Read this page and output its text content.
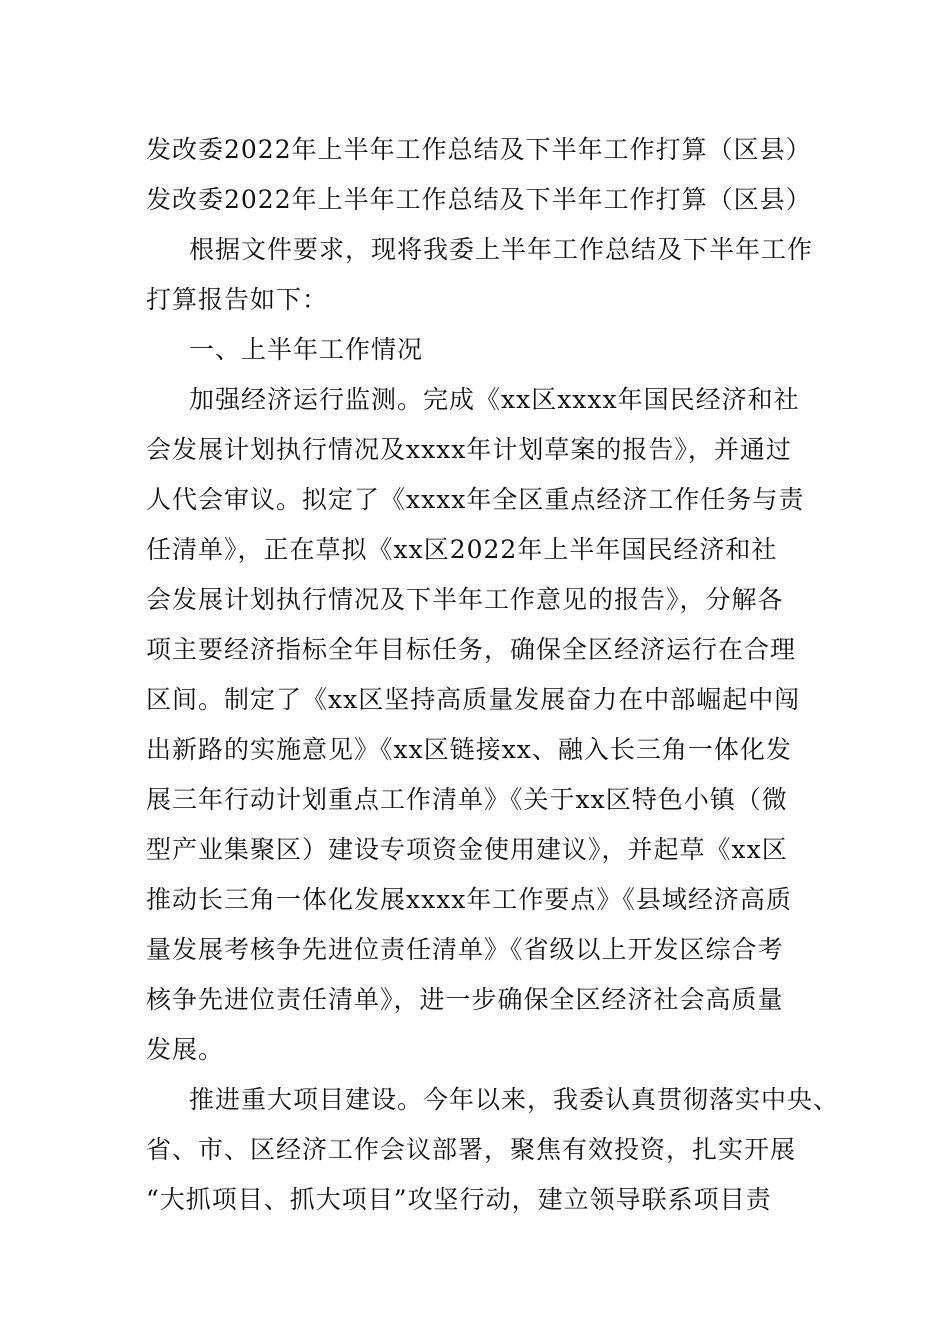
发改委2022年上半年工作总结及下半年工作打算（区县）
发改委2022年上半年工作总结及下半年工作打算（区县）
根据文件要求，现将我委上半年工作总结及下半年工作
打算报告如下：
一、上半年工作情况
加强经济运行监测。完成《xx区xxxx年国民经济和社
会发展计划执行情况及xxxx年计划草案的报告》，并通过
人代会审议。拟定了《xxxx年全区重点经济工作任务与责
任清单》，正在草拟《xx区2022年上半年国民经济和社
会发展计划执行情况及下半年工作意见的报告》，分解各
项主要经济指标全年目标任务，确保全区经济运行在合理
区间。制定了《xx区坚持高质量发展奋力在中部崛起中闯
出新路的实施意见》《xx区链接xx、融入长三角一体化发
展三年行动计划重点工作清单》《关于xx区特色小镇（微
型产业集聚区）建设专项资金使用建议》，并起草《xx区
推动长三角一体化发展xxxx年工作要点》《县域经济高质
量发展考核争先进位责任清单》《省级以上开发区综合考
核争先进位责任清单》，进一步确保全区经济社会高质量
发展。
推进重大项目建设。今年以来，我委认真贯彻落实中央、
省、市、区经济工作会议部署，聚焦有效投资，扎实开展
“大抓项目、抓大项目”攻坚行动，建立领导联系项目责
